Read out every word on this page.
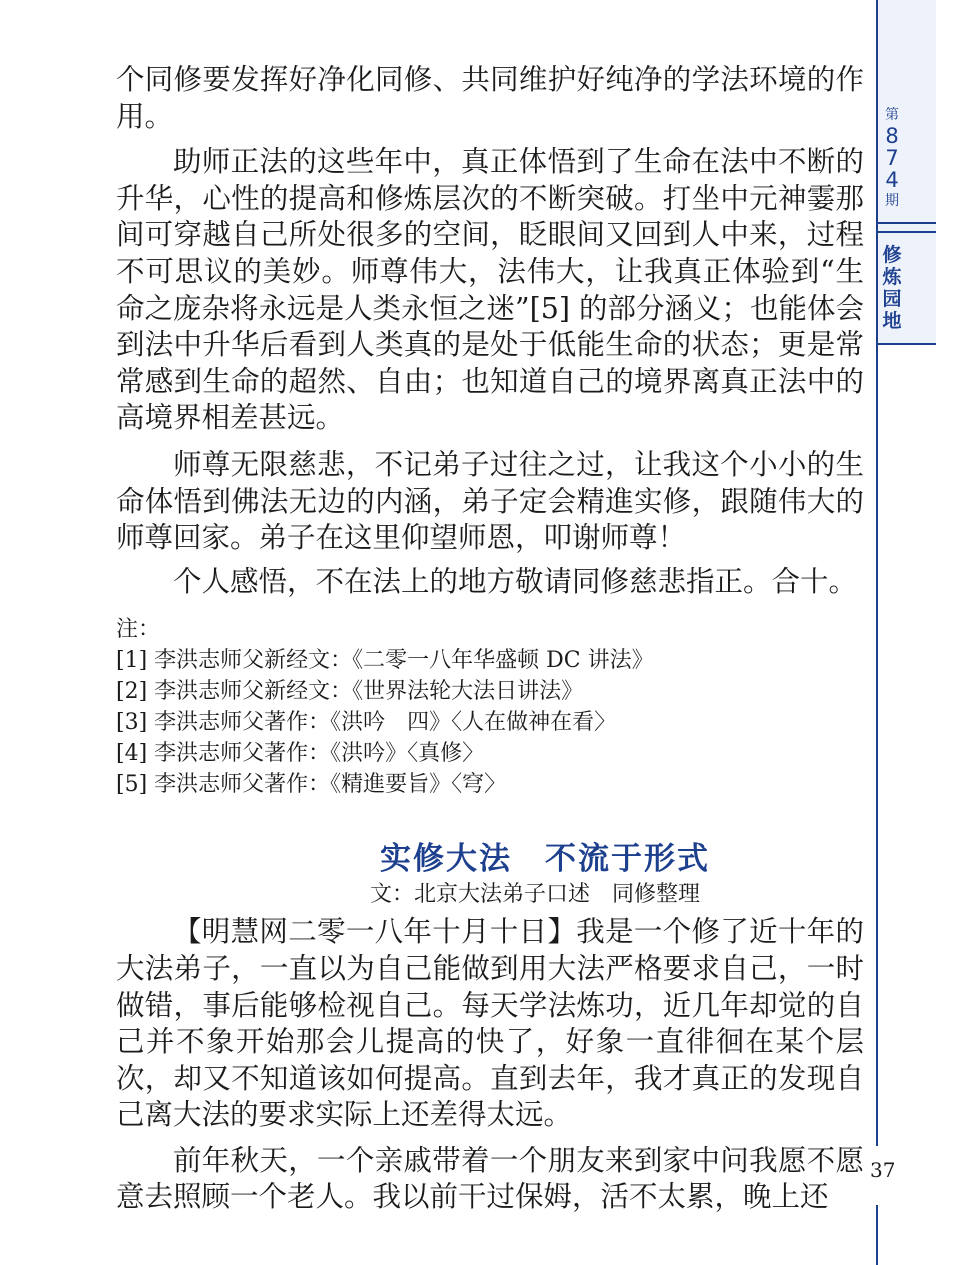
第
8
7
4
期
修
炼
园
地
37

个同修要发挥好净化同修、共同维护好纯净的学法环境的作用。

助师正法的这些年中，真正体悟到了生命在法中不断的升华，心性的提高和修炼层次的不断突破。打坐中元神霎那间可穿越自己所处很多的空间，眨眼间又回到人中来，过程不可思议的美妙。师尊伟大，法伟大，让我真正体验到“生命之庞杂将永远是人类永恒之迷”[5] 的部分涵义；也能体会到法中升华后看到人类真的是处于低能生命的状态；更是常常感到生命的超然、自由；也知道自己的境界离真正法中的高境界相差甚远。

师尊无限慈悲，不记弟子过往之过，让我这个小小的生命体悟到佛法无边的内涵，弟子定会精進实修，跟随伟大的师尊回家。弟子在这里仰望师恩，叩谢师尊！

个人感悟，不在法上的地方敬请同修慈悲指正。合十。

注：
[1] 李洪志师父新经文：《二零一八年华盛顿 DC 讲法》
[2] 李洪志师父新经文：《世界法轮大法日讲法》
[3] 李洪志师父著作：《洪吟　四》〈人在做神在看〉
[4] 李洪志师父著作：《洪吟》〈真修〉
[5] 李洪志师父著作：《精進要旨》〈穹〉
实修大法　不流于形式
文：北京大法弟子口述　同修整理

【明慧网二零一八年十月十日】我是一个修了近十年的大法弟子，一直以为自己能做到用大法严格要求自己，一时做错，事后能够检视自己。每天学法炼功，近几年却觉的自己并不象开始那会儿提高的快了，好象一直徘徊在某个层次，却又不知道该如何提高。直到去年，我才真正的发现自己离大法的要求实际上还差得太远。

前年秋天，一个亲戚带着一个朋友来到家中问我愿不愿意去照顾一个老人。我以前干过保姆，活不太累，晚上还
